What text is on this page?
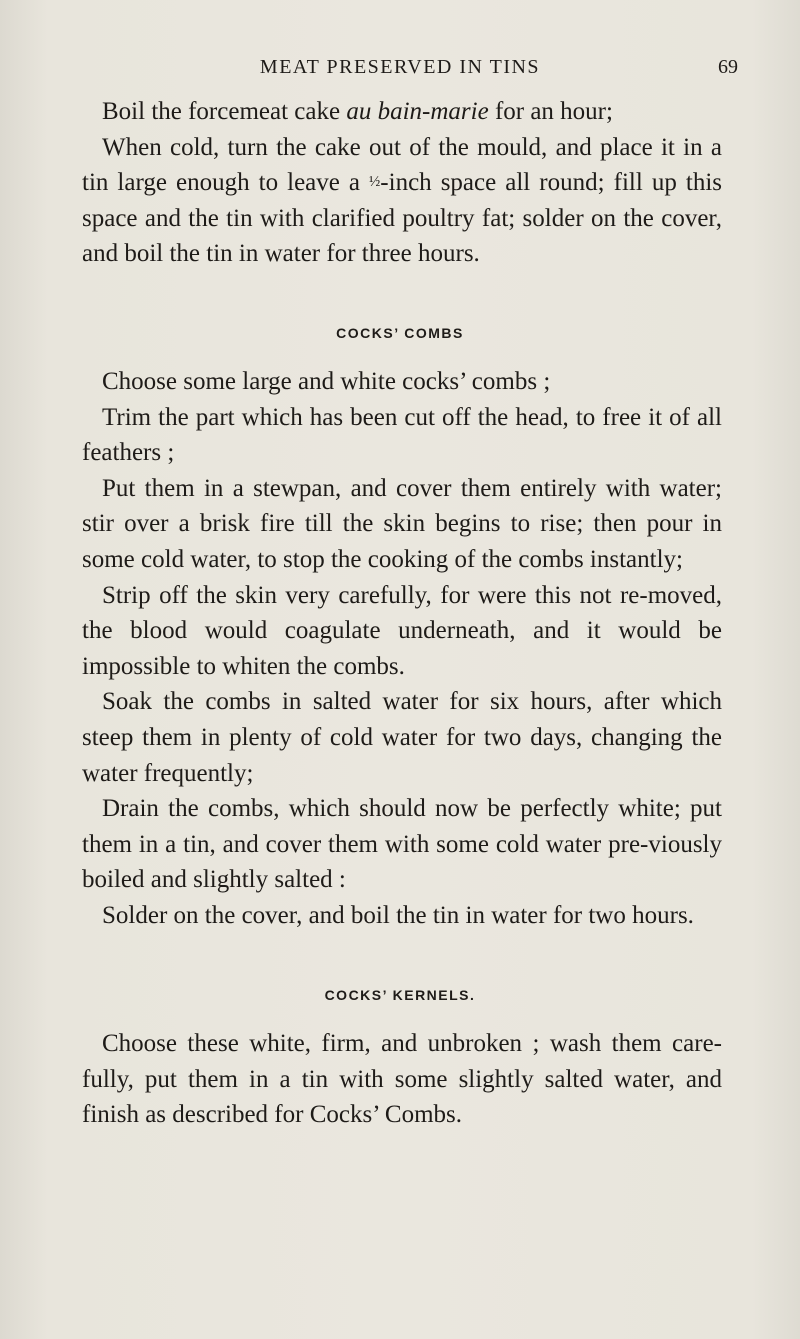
MEAT PRESERVED IN TINS	69

Boil the forcemeat cake au bain-marie for an hour;

When cold, turn the cake out of the mould, and place it in a tin large enough to leave a ½-inch space all round; fill up this space and the tin with clarified poultry fat; solder on the cover, and boil the tin in water for three hours.

COCKS’ COMBS

Choose some large and white cocks’ combs ;

Trim the part which has been cut off the head, to free it of all feathers ;

Put them in a stewpan, and cover them entirely with water; stir over a brisk fire till the skin begins to rise; then pour in some cold water, to stop the cooking of the combs instantly;

Strip off the skin very carefully, for were this not re-moved, the blood would coagulate underneath, and it would be impossible to whiten the combs.

Soak the combs in salted water for six hours, after which steep them in plenty of cold water for two days, changing the water frequently;

Drain the combs, which should now be perfectly white; put them in a tin, and cover them with some cold water pre-viously boiled and slightly salted :

Solder on the cover, and boil the tin in water for two hours.

COCKS’ KERNELS.

Choose these white, firm, and unbroken ; wash them care-fully, put them in a tin with some slightly salted water, and finish as described for Cocks’ Combs.
